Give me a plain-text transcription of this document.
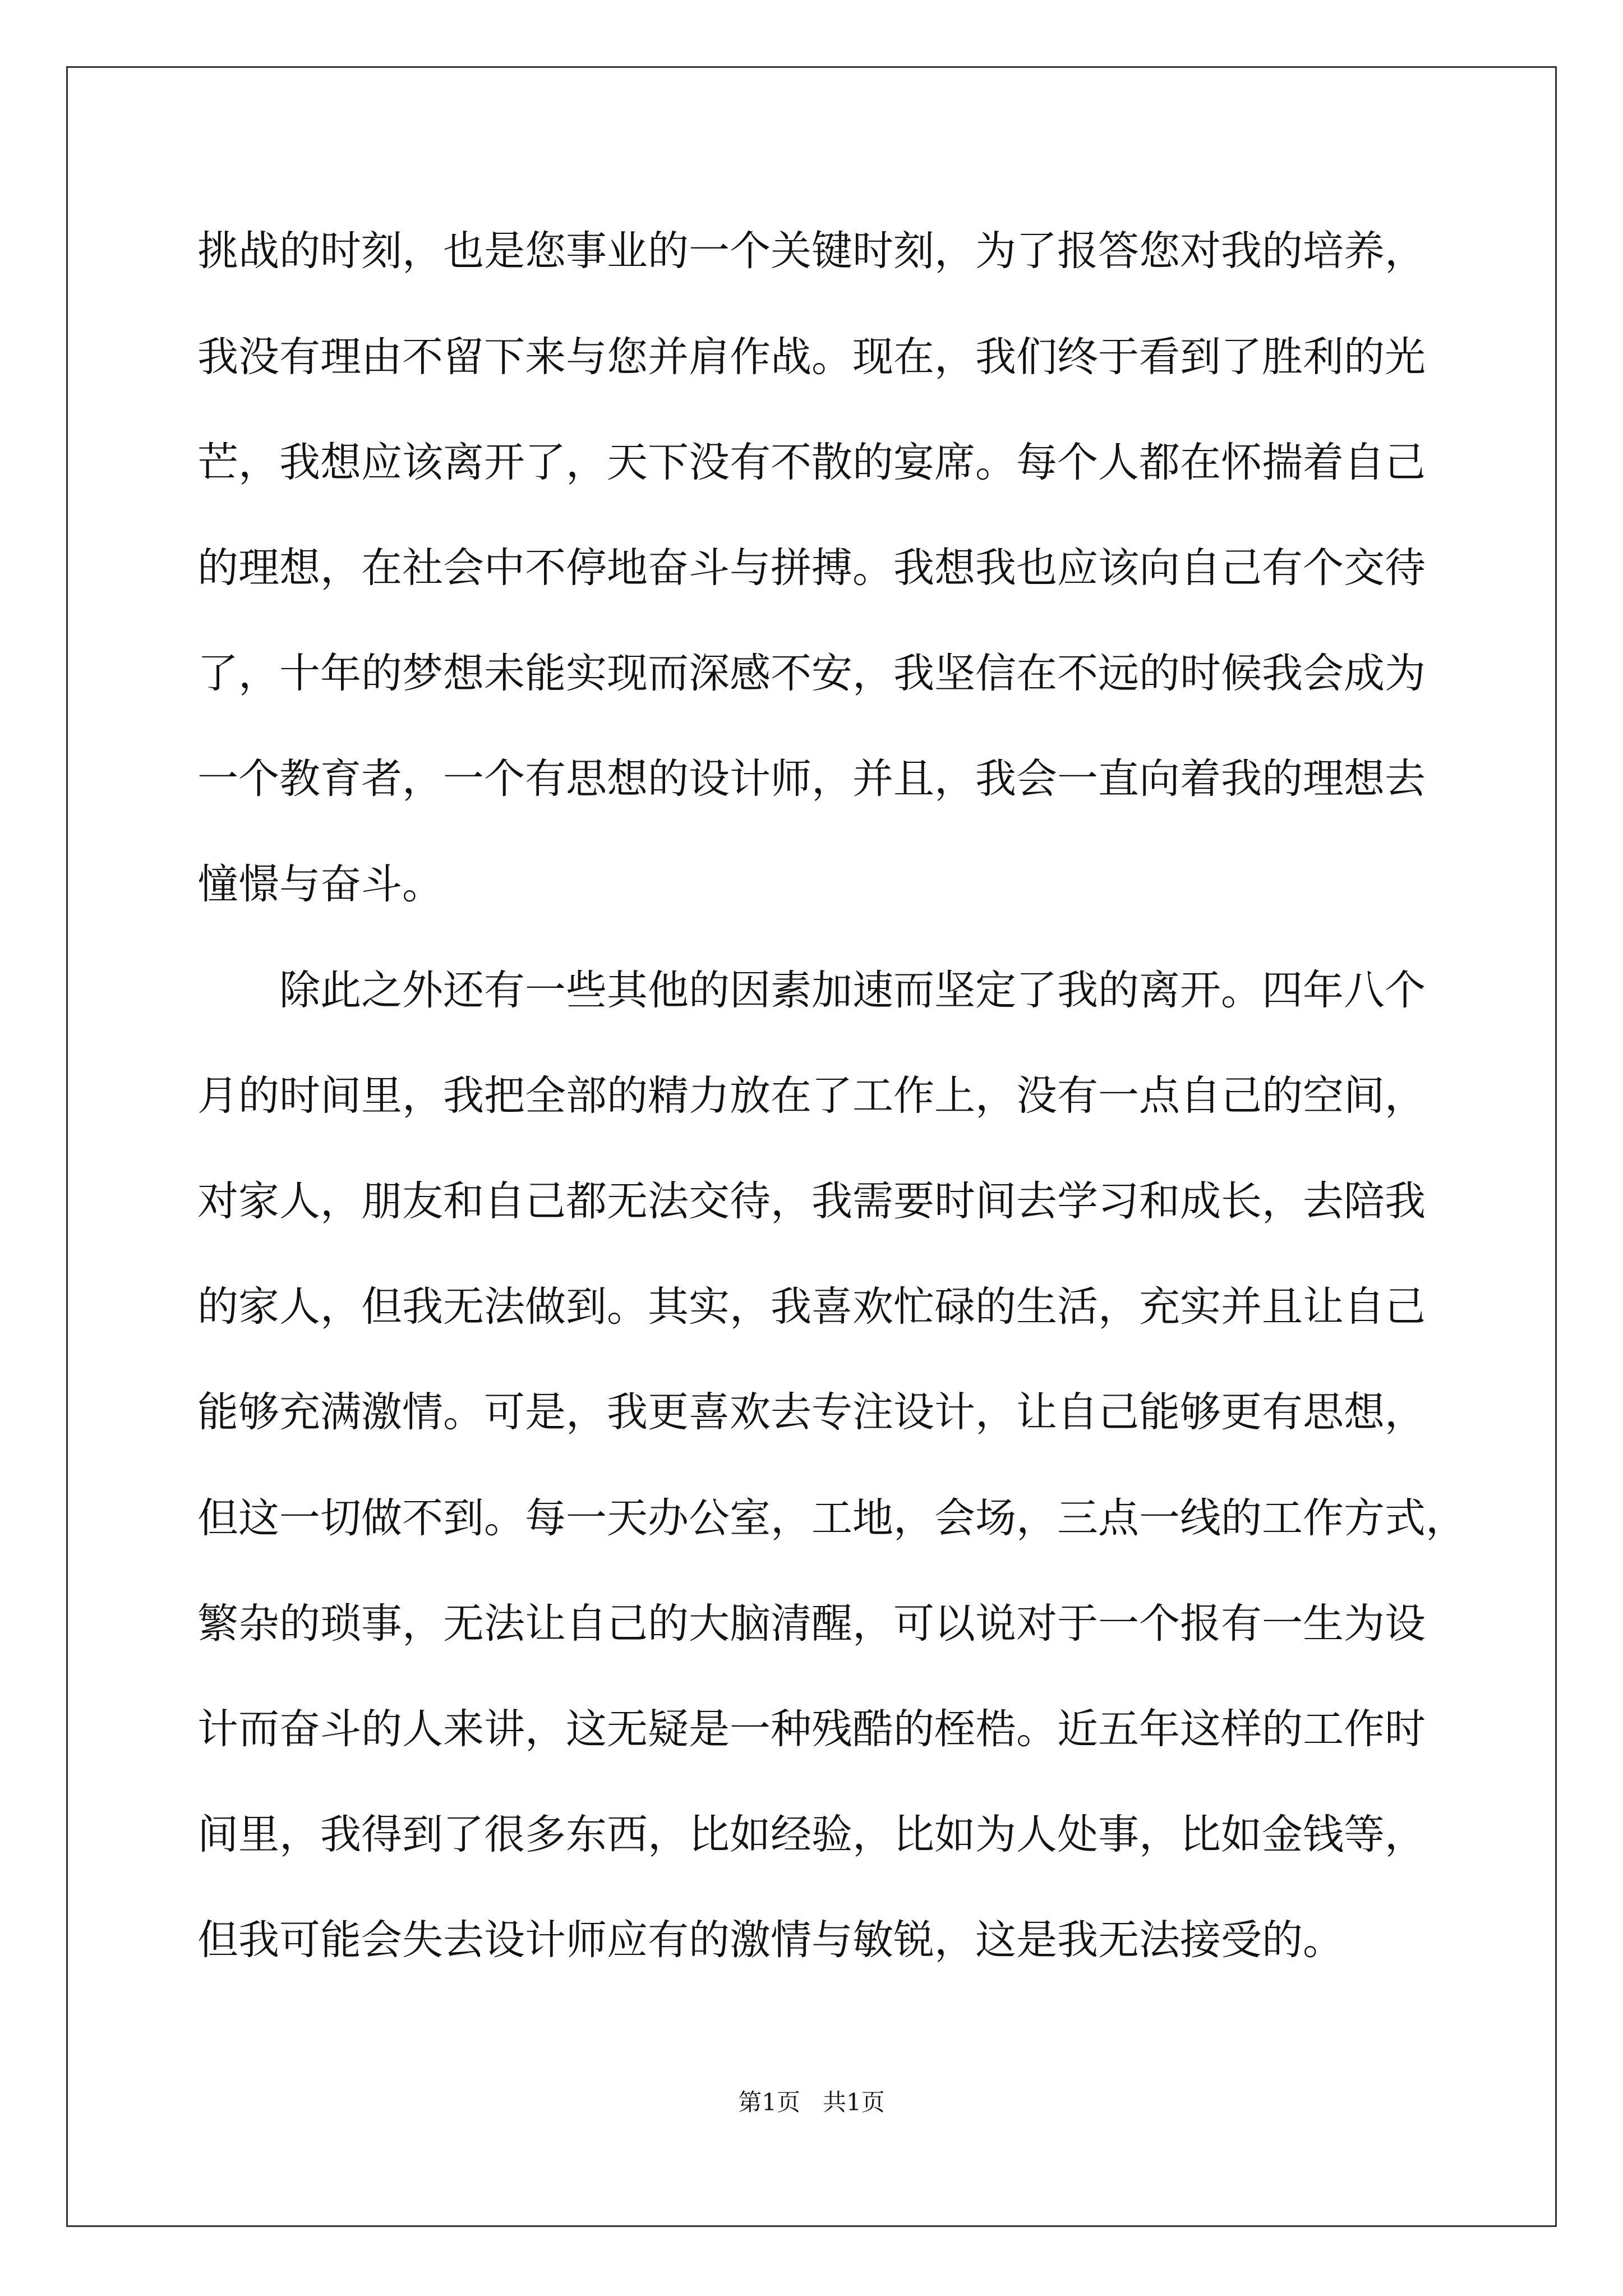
挑战的时刻，也是您事业的一个关键时刻，为了报答您对我的培养，
我没有理由不留下来与您并肩作战。现在，我们终于看到了胜利的光
芒，我想应该离开了，天下没有不散的宴席。每个人都在怀揣着自己
的理想，在社会中不停地奋斗与拼搏。我想我也应该向自己有个交待
了，十年的梦想未能实现而深感不安，我坚信在不远的时候我会成为
一个教育者，一个有思想的设计师，并且，我会一直向着我的理想去
憧憬与奋斗。
除此之外还有一些其他的因素加速而坚定了我的离开。四年八个
月的时间里，我把全部的精力放在了工作上，没有一点自己的空间，
对家人，朋友和自己都无法交待，我需要时间去学习和成长，去陪我
的家人，但我无法做到。其实，我喜欢忙碌的生活，充实并且让自己
能够充满激情。可是，我更喜欢去专注设计，让自己能够更有思想，
但这一切做不到。每一天办公室，工地，会场，三点一线的工作方式，
繁杂的琐事，无法让自己的大脑清醒，可以说对于一个报有一生为设
计而奋斗的人来讲，这无疑是一种残酷的桎梏。近五年这样的工作时
间里，我得到了很多东西，比如经验，比如为人处事，比如金钱等，
但我可能会失去设计师应有的激情与敏锐，这是我无法接受的。
第1页   共1页
